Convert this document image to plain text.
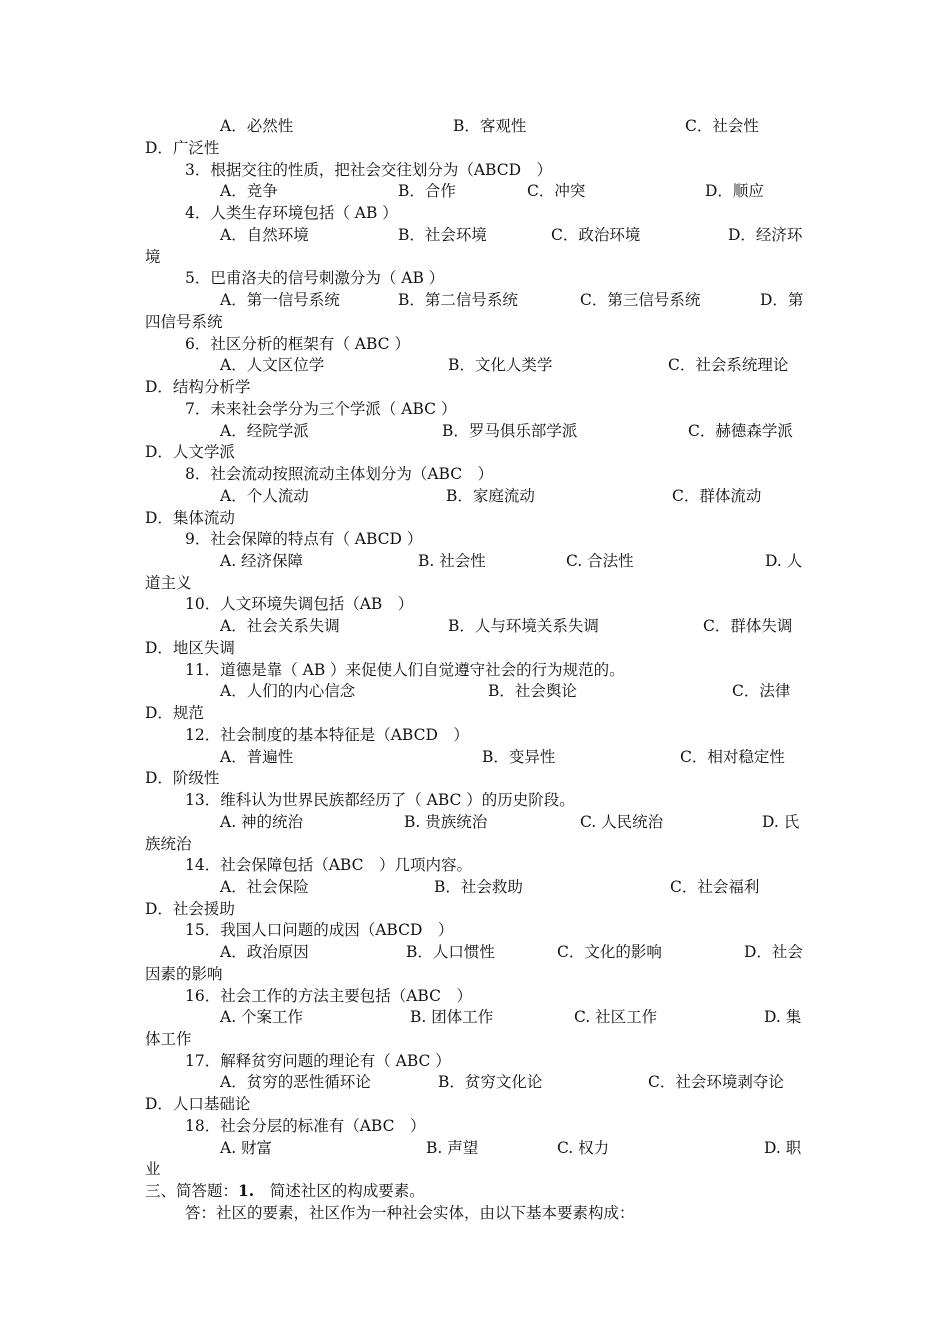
A．必然性	B．客观性	C．社会性
D．广泛性
3．根据交往的性质，把社会交往划分为（ABCD　）
A．竞争	B．合作	C．冲突	D．顺应
4．人类生存环境包括（ AB ）
A．自然环境	B．社会环境	C．政治环境	D．经济环
境
5．巴甫洛夫的信号刺激分为（ AB ）
A．第一信号系统	B．第二信号系统	C．第三信号系统	D．第
四信号系统
6．社区分析的框架有（ ABC ）
A．人文区位学	B．文化人类学	C．社会系统理论
D．结构分析学
7．未来社会学分为三个学派（ ABC ）
A．经院学派	B．罗马俱乐部学派	C．赫德森学派
D．人文学派
8．社会流动按照流动主体划分为（ABC　）
A．个人流动	B．家庭流动	C．群体流动
D．集体流动
9．社会保障的特点有（ ABCD ）
A. 经济保障	B. 社会性	C. 合法性	D. 人
道主义
10．人文环境失调包括（AB　）
A．社会关系失调	B．人与环境关系失调	C．群体失调
D．地区失调
11．道德是靠（ AB ）来促使人们自觉遵守社会的行为规范的。
A．人们的内心信念	B．社会舆论	C．法律
D．规范
12．社会制度的基本特征是（ABCD　）
A．普遍性	B．变异性	C．相对稳定性
D．阶级性
13．维科认为世界民族都经历了（ ABC ）的历史阶段。
A. 神的统治	B. 贵族统治	C. 人民统治	D. 氏
族统治
14．社会保障包括（ABC　）几项内容。
A．社会保险	B．社会救助	C．社会福利
D．社会援助
15．我国人口问题的成因（ABCD　）
A．政治原因	B．人口惯性	C．文化的影响	D．社会
因素的影响
16．社会工作的方法主要包括（ABC　）
A. 个案工作	B. 团体工作	C. 社区工作	D. 集
体工作
17．解释贫穷问题的理论有（ ABC ）
A．贫穷的恶性循环论	B．贫穷文化论	C．社会环境剥夺论
D．人口基础论
18．社会分层的标准有（ABC　）
A. 财富	B. 声望	C. 权力	D. 职
业
三、简答题：1.　简述社区的构成要素。
答：社区的要素，社区作为一种社会实体，由以下基本要素构成：
